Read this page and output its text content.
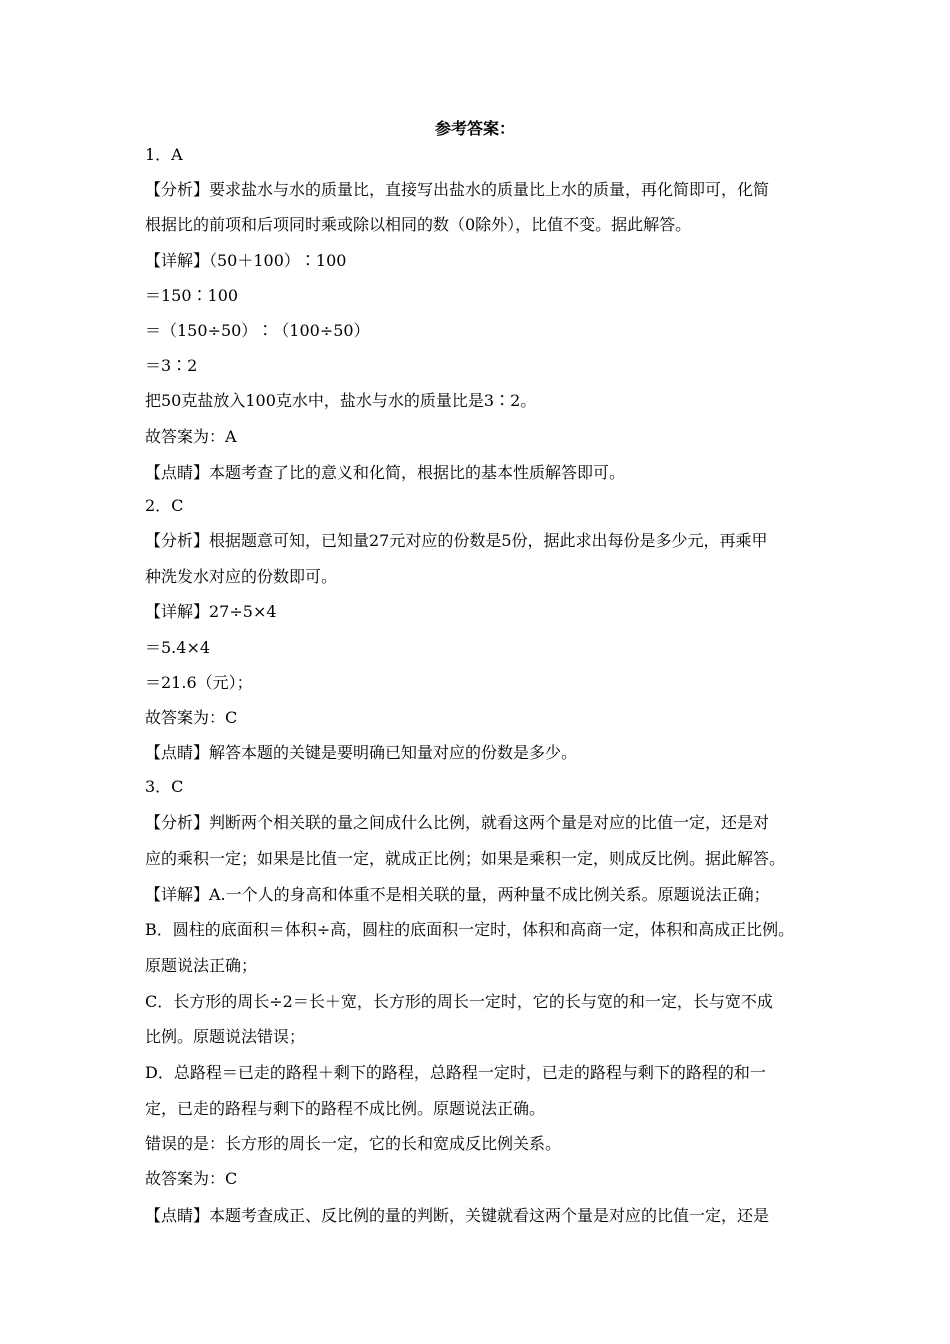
参考答案：
1．A
【分析】要求盐水与水的质量比，直接写出盐水的质量比上水的质量，再化简即可，化简
根据比的前项和后项同时乘或除以相同的数（0除外），比值不变。据此解答。
【详解】（50＋100）∶100
＝150∶100
＝（150÷50）∶（100÷50）
＝3∶2
把50克盐放入100克水中，盐水与水的质量比是3∶2。
故答案为：A
【点睛】本题考查了比的意义和化简，根据比的基本性质解答即可。
2．C
【分析】根据题意可知，已知量27元对应的份数是5份，据此求出每份是多少元，再乘甲
种洗发水对应的份数即可。
【详解】27÷5×4
＝5.4×4
＝21.6（元）；
故答案为：C
【点睛】解答本题的关键是要明确已知量对应的份数是多少。
3．C
【分析】判断两个相关联的量之间成什么比例，就看这两个量是对应的比值一定，还是对
应的乘积一定；如果是比值一定，就成正比例；如果是乘积一定，则成反比例。据此解答。
【详解】A.一个人的身高和体重不是相关联的量，两种量不成比例关系。原题说法正确；
B．圆柱的底面积＝体积÷高，圆柱的底面积一定时，体积和高商一定，体积和高成正比例。
原题说法正确；
C．长方形的周长÷2＝长＋宽，长方形的周长一定时，它的长与宽的和一定，长与宽不成
比例。原题说法错误；
D．总路程＝已走的路程＋剩下的路程，总路程一定时，已走的路程与剩下的路程的和一
定，已走的路程与剩下的路程不成比例。原题说法正确。
错误的是：长方形的周长一定，它的长和宽成反比例关系。
故答案为：C
【点睛】本题考查成正、反比例的量的判断，关键就看这两个量是对应的比值一定，还是
